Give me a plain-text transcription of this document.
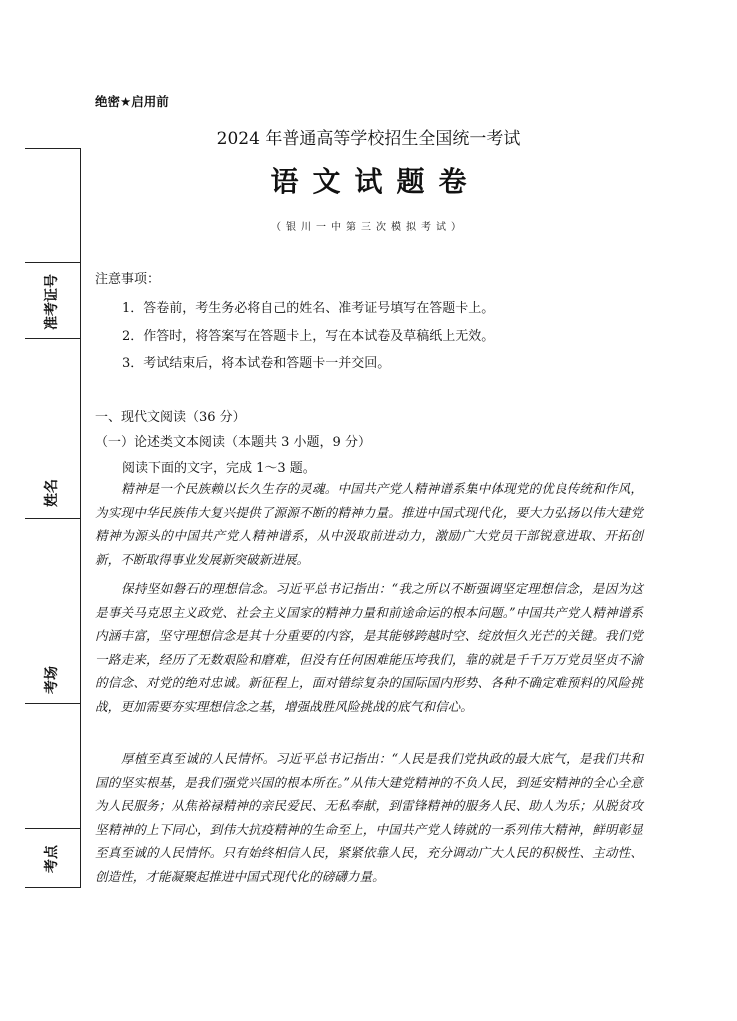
准考证号
姓名
考场
考点
绝密★启用前
2024 年普通高等学校招生全国统一考试
语文试题卷
（银川一中第三次模拟考试）
注意事项：
1．答卷前，考生务必将自己的姓名、准考证号填写在答题卡上。
2．作答时，将答案写在答题卡上，写在本试卷及草稿纸上无效。
3．考试结束后，将本试卷和答题卡一并交回。
一、现代文阅读（36 分）
（一）论述类文本阅读（本题共 3 小题，9 分）
阅读下面的文字，完成 1～3 题。
精神是一个民族赖以长久生存的灵魂。中国共产党人精神谱系集中体现党的优良传统和作风，为实现中华民族伟大复兴提供了源源不断的精神力量。推进中国式现代化，要大力弘扬以伟大建党精神为源头的中国共产党人精神谱系，从中汲取前进动力，激励广大党员干部锐意进取、开拓创新，不断取得事业发展新突破新进展。
保持坚如磐石的理想信念。习近平总书记指出：“我之所以不断强调坚定理想信念，是因为这是事关马克思主义政党、社会主义国家的精神力量和前途命运的根本问题。”中国共产党人精神谱系内涵丰富，坚守理想信念是其十分重要的内容，是其能够跨越时空、绽放恒久光芒的关键。我们党一路走来，经历了无数艰险和磨难，但没有任何困难能压垮我们，靠的就是千千万万党员坚贞不渝的信念、对党的绝对忠诚。新征程上，面对错综复杂的国际国内形势、各种不确定难预料的风险挑战，更加需要夯实理想信念之基，增强战胜风险挑战的底气和信心。
厚植至真至诚的人民情怀。习近平总书记指出：“人民是我们党执政的最大底气，是我们共和国的坚实根基，是我们强党兴国的根本所在。”从伟大建党精神的不负人民，到延安精神的全心全意为人民服务；从焦裕禄精神的亲民爱民、无私奉献，到雷锋精神的服务人民、助人为乐；从脱贫攻坚精神的上下同心，到伟大抗疫精神的生命至上，中国共产党人铸就的一系列伟大精神，鲜明彰显至真至诚的人民情怀。只有始终相信人民，紧紧依靠人民，充分调动广大人民的积极性、主动性、创造性，才能凝聚起推进中国式现代化的磅礴力量。
